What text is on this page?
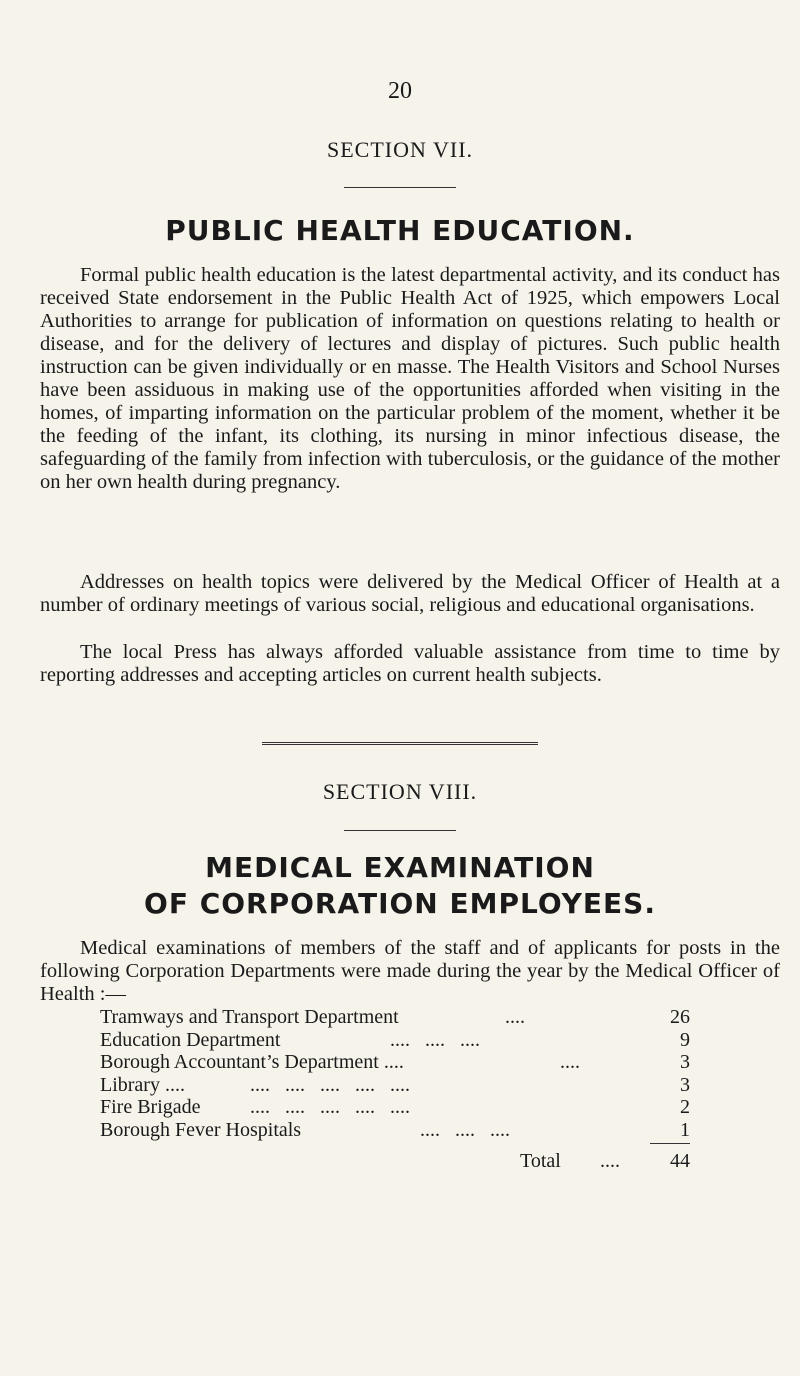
20
SECTION VII.
PUBLIC HEALTH EDUCATION.

Formal public health education is the latest departmental activity, and its conduct has received State endorsement in the Public Health Act of 1925, which empowers Local Authorities to arrange for publication of information on questions relating to health or disease, and for the delivery of lectures and display of pictures. Such public health instruction can be given individually or en masse. The Health Visitors and School Nurses have been assiduous in making use of the opportunities afforded when visiting in the homes, of imparting information on the particular problem of the moment, whether it be the feeding of the infant, its clothing, its nursing in minor infectious disease, the safeguarding of the family from infection with tuberculosis, or the guidance of the mother on her own health during pregnancy.

Addresses on health topics were delivered by the Medical Officer of Health at a number of ordinary meetings of various social, religious and educational organisations.

The local Press has always afforded valuable assistance from time to time by reporting addresses and accepting articles on current health subjects.

SECTION VIII.
MEDICAL EXAMINATION
OF CORPORATION EMPLOYEES.

Medical examinations of members of the staff and of applicants for posts in the following Corporation Departments were made during the year by the Medical Officer of Health :—

Tramways and Transport Department	26
....
Education Department	9
....   ....   ....
Borough Accountant’s Department ....	3
....
Library ....	3
....   ....   ....   ....   ....
Fire Brigade	2
....   ....   ....   ....   ....
Borough Fever Hospitals	1
....   ....   ....
Total ....	44
